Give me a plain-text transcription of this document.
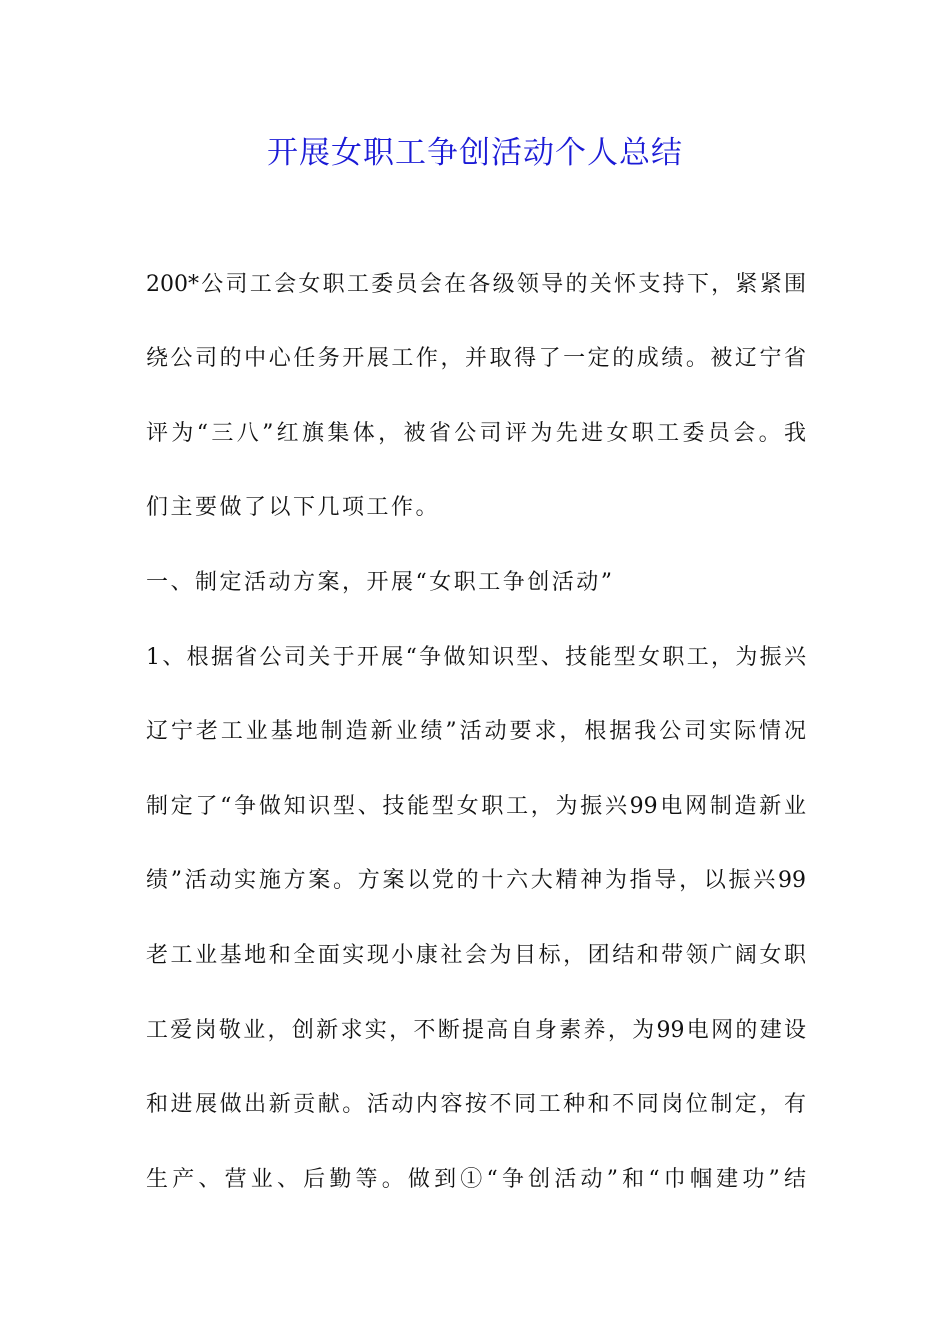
开展女职工争创活动个人总结

200*公司工会女职工委员会在各级领导的关怀支持下，紧紧围

绕公司的中心任务开展工作，并取得了一定的成绩。被辽宁省

评为“三八”红旗集体，被省公司评为先进女职工委员会。我

们主要做了以下几项工作。

一、制定活动方案，开展“女职工争创活动”

1、根据省公司关于开展“争做知识型、技能型女职工，为振兴

辽宁老工业基地制造新业绩”活动要求，根据我公司实际情况

制定了“争做知识型、技能型女职工，为振兴99电网制造新业

绩”活动实施方案。方案以党的十六大精神为指导，以振兴99

老工业基地和全面实现小康社会为目标，团结和带领广阔女职

工爱岗敬业，创新求实，不断提高自身素养，为99电网的建设

和进展做出新贡献。活动内容按不同工种和不同岗位制定，有

生产、营业、后勤等。做到①“争创活动”和“巾帼建功”结
